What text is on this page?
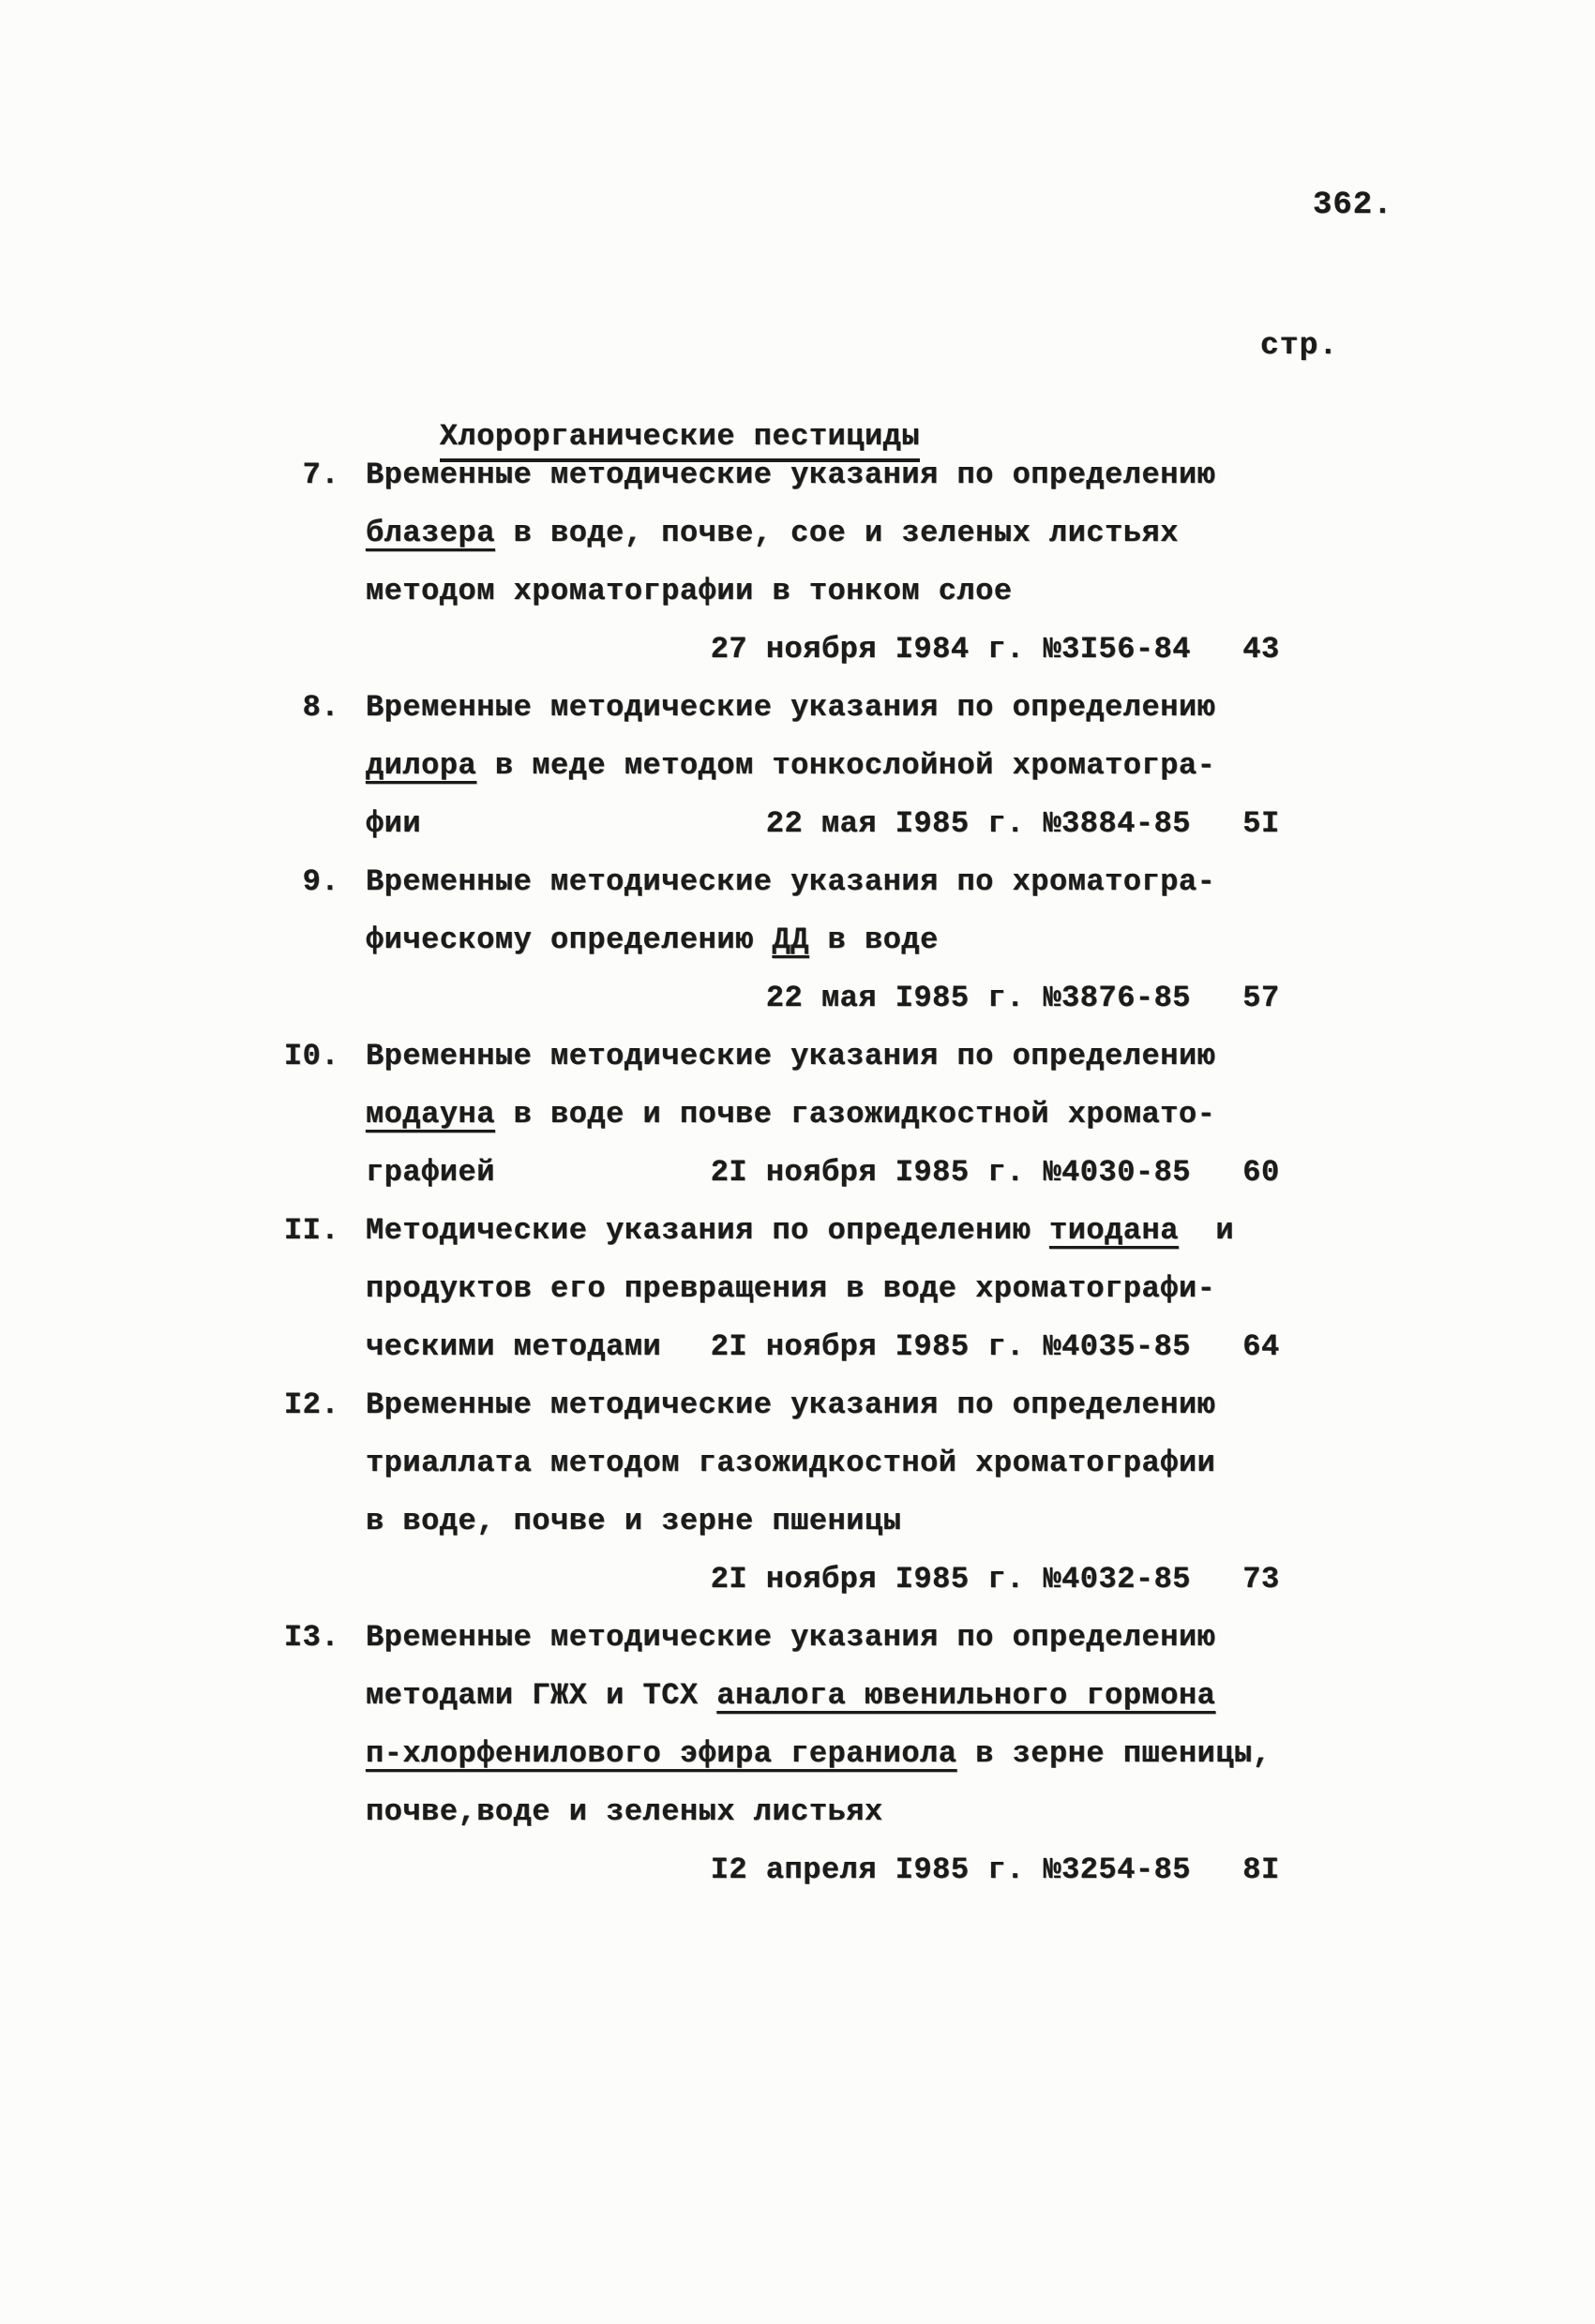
362.
стр.

Хлорорганические пестициды

7. Временные методические указания по определению
блазера в воде, почве, сое и зеленых листьях
методом хроматографии в тонком слое
27 ноября I984 г. №3I56-84	43
8. Временные методические указания по определению
дилора в меде методом тонкослойной хроматогра-
фии	22 мая I985 г. №3884-85	5I
9. Временные методические указания по хроматогра-
фическому определению ДД в воде
22 мая I985 г. №3876-85	57
I0. Временные методические указания по определению
модауна в воде и почве газожидкостной хромато-
графией	2I ноября I985 г. №4030-85	60
II. Методические указания по определению тиодана  и
продуктов его превращения в воде хроматографи-
ческими методами 2I ноября I985 г. №4035-85	64
I2. Временные методические указания по определению
триаллата методом газожидкостной хроматографии
в воде, почве и зерне пшеницы
2I ноября I985 г. №4032-85	73
I3. Временные методические указания по определению
методами ГЖХ и ТСХ аналога ювенильного гормона
п-хлорфенилового эфира гераниола в зерне пшеницы,
почве,воде и зеленых листьях
I2 апреля I985 г. №3254-85	8I
